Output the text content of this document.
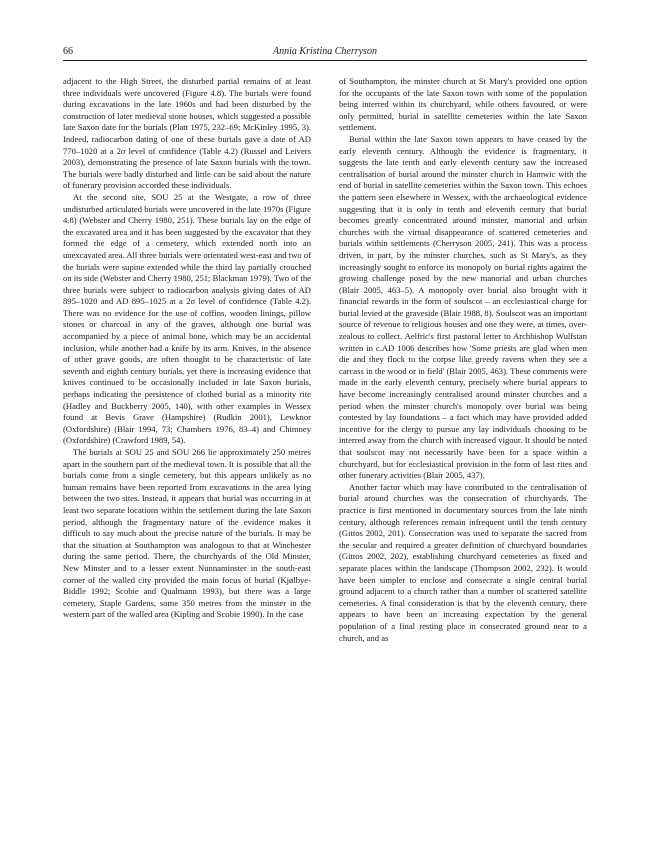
66	Annia Kristina Cherryson

adjacent to the High Street, the disturbed partial remains of at least three individuals were uncovered (Figure 4.8). The burials were found during excavations in the late 1960s and had been disturbed by the construction of later medieval stone houses, which suggested a possible late Saxon date for the burials (Platt 1975, 232–69; McKinley 1995, 3). Indeed, radiocarbon dating of one of these burials gave a date of AD 770–1020 at a 2σ level of confidence (Table 4.2) (Russel and Leivers 2003), demonstrating the presence of late Saxon burials with the town. The burials were badly disturbed and little can be said about the nature of funerary provision accorded these individuals.

At the second site, SOU 25 at the Westgate, a row of three undisturbed articulated burials were uncovered in the late 1970s (Figure 4.8) (Webster and Cherry 1980, 251). These burials lay on the edge of the excavated area and it has been suggested by the excavator that they formed the edge of a cemetery, which extended north into an unexcavated area. All three burials were orientated west-east and two of the burials were supine extended while the third lay partially crouched on its side (Webster and Cherry 1980, 251; Blackman 1979). Two of the three burials were subject to radiocarbon analysis giving dates of AD 895–1020 and AD 895–1025 at a 2σ level of confidence (Table 4.2). There was no evidence for the use of coffins, wooden linings, pillow stones or charcoal in any of the graves, although one burial was accompanied by a piece of animal bone, which may be an accidental inclusion, while another had a knife by its arm. Knives, in the absence of other grave goods, are often thought to be characteristic of late seventh and eighth century burials, yet there is increasing evidence that knives continued to be occasionally included in late Saxon burials, perhaps indicating the persistence of clothed burial as a minority rite (Hadley and Buckberry 2005, 140), with other examples in Wessex found at Bevis Grave (Hampshire) (Rudkin 2001), Lewknor (Oxfordshire) (Blair 1994, 73; Chambers 1976, 83–4) and Chimney (Oxfordshire) (Crawford 1989, 54).

The burials at SOU 25 and SOU 266 lie approximately 250 metres apart in the southern part of the medieval town. It is possible that all the burials come from a single cemetery, but this appears unlikely as no human remains have been reported from excavations in the area lying between the two sites. Instead, it appears that burial was occurring in at least two separate locations within the settlement during the late Saxon period, although the fragmentary nature of the evidence makes it difficult to say much about the precise nature of the burials. It may be that the situation at Southampton was analogous to that at Winchester during the same period. There, the churchyards of the Old Minster, New Minster and to a lesser extent Nunnaminster in the south-east corner of the walled city provided the main focus of burial (Kjølbye-Biddle 1992; Scobie and Qualmann 1993), but there was a large cemetery, Staple Gardens, some 350 metres from the minster in the western part of the walled area (Kipling and Scobie 1990). In the case

of Southampton, the minster church at St Mary's provided one option for the occupants of the late Saxon town with some of the population being interred within its churchyard, while others favoured, or were only permitted, burial in satellite cemeteries within the late Saxon settlement.

Burial within the late Saxon town appears to have ceased by the early eleventh century. Although the evidence is fragmentary, it suggests the late tenth and early eleventh century saw the increased centralisation of burial around the minster church in Hamwic with the end of burial in satellite cemeteries within the Saxon town. This echoes the pattern seen elsewhere in Wessex, with the archaeological evidence suggesting that it is only in tenth and eleventh century that burial becomes greatly concentrated around minster, manorial and urban churches with the virtual disappearance of scattered cemeteries and burials within settlements (Cherryson 2005, 241). This was a process driven, in part, by the minster churches, such as St Mary's, as they increasingly sought to enforce its monopoly on burial rights against the growing challenge posed by the new manorial and urban churches (Blair 2005, 463–5). A monopoly over burial also brought with it financial rewards in the form of soulscot – an ecclesiastical charge for burial levied at the graveside (Blair 1988, 8). Soulscot was an important source of revenue to religious houses and one they were, at times, over-zealous to collect. Aelfric's first pastoral letter to Archbishop Wulfstan written in c.AD 1006 describes how 'Some priests are glad when men die and they flock to the corpse like greedy ravens when they see a carcass in the wood or in field' (Blair 2005, 463). These comments were made in the early eleventh century, precisely where burial appears to have become increasingly centralised around minster churches and a period when the minster church's monopoly over burial was being contested by lay foundations – a fact which may have provided added incentive for the clergy to pursue any lay individuals choosing to be interred away from the church with increased vigour. It should be noted that soulscot may not necessarily have been for a space within a churchyard, but for ecclesiastical provision in the form of last rites and other funerary activities (Blair 2005, 437).

Another factor which may have contributed to the centralisation of burial around churches was the consecration of churchyards. The practice is first mentioned in documentary sources from the late ninth century, although references remain infrequent until the tenth century (Gittos 2002, 201). Consecration was used to separate the sacred from the secular and required a greater definition of churchyard boundaries (Gittos 2002, 202), establishing churchyard cemeteries as fixed and separate places within the landscape (Thompson 2002, 232). It would have been simpler to enclose and consecrate a single central burial ground adjacent to a church rather than a number of scattered satellite cemeteries. A final consideration is that by the eleventh century, there appears to have been an increasing expectation by the general population of a final resting place in consecrated ground near to a church, and as
